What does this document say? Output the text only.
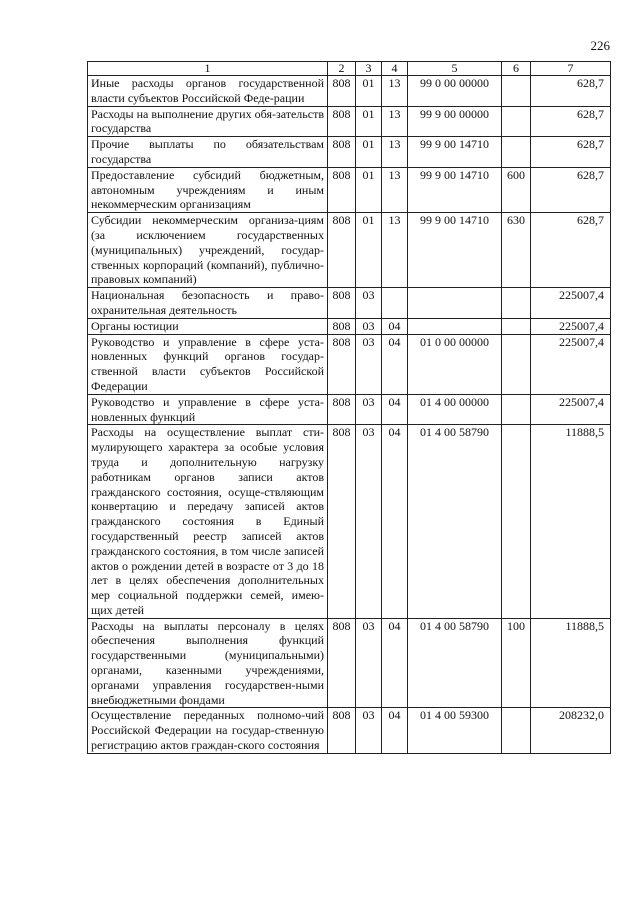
226
1	2	3	4	5	6	7
Иные расходы органов государственной власти субъектов Российской Феде-рации	808	01	13	99 0 00 00000		628,7
Расходы на выполнение других обя-зательств государства	808	01	13	99 9 00 00000		628,7
Прочие выплаты по обязательствам государства	808	01	13	99 9 00 14710		628,7
Предоставление субсидий бюджетным, автономным учреждениям и иным некоммерческим организациям	808	01	13	99 9 00 14710	600	628,7
Субсидии некоммерческим организа-циям (за исключением государственных (муниципальных) учреждений, государ-ственных корпораций (компаний), публично-правовых компаний)	808	01	13	99 9 00 14710	630	628,7
Национальная безопасность и право-охранительная деятельность	808	03				225007,4
Органы юстиции	808	03	04			225007,4
Руководство и управление в сфере уста-новленных функций органов государ-ственной власти субъектов Российской Федерации	808	03	04	01 0 00 00000		225007,4
Руководство и управление в сфере уста-новленных функций	808	03	04	01 4 00 00000		225007,4
Расходы на осуществление выплат сти-мулирующего характера за особые условия труда и дополнительную нагрузку работникам органов записи актов гражданского состояния, осуще-ствляющим конвертацию и передачу записей актов гражданского состояния в Единый государственный реестр записей актов гражданского состояния, в том числе записей актов о рождении детей в возрасте от 3 до 18 лет в целях обеспечения дополнительных мер социальной поддержки семей, имею-щих детей	808	03	04	01 4 00 58790		11888,5
Расходы на выплаты персоналу в целях обеспечения выполнения функций государственными (муниципальными) органами, казенными учреждениями, органами управления государствен-ными внебюджетными фондами	808	03	04	01 4 00 58790	100	11888,5
Осуществление переданных полномо-чий Российской Федерации на государ-ственную регистрацию актов граждан-ского состояния	808	03	04	01 4 00 59300		208232,0
